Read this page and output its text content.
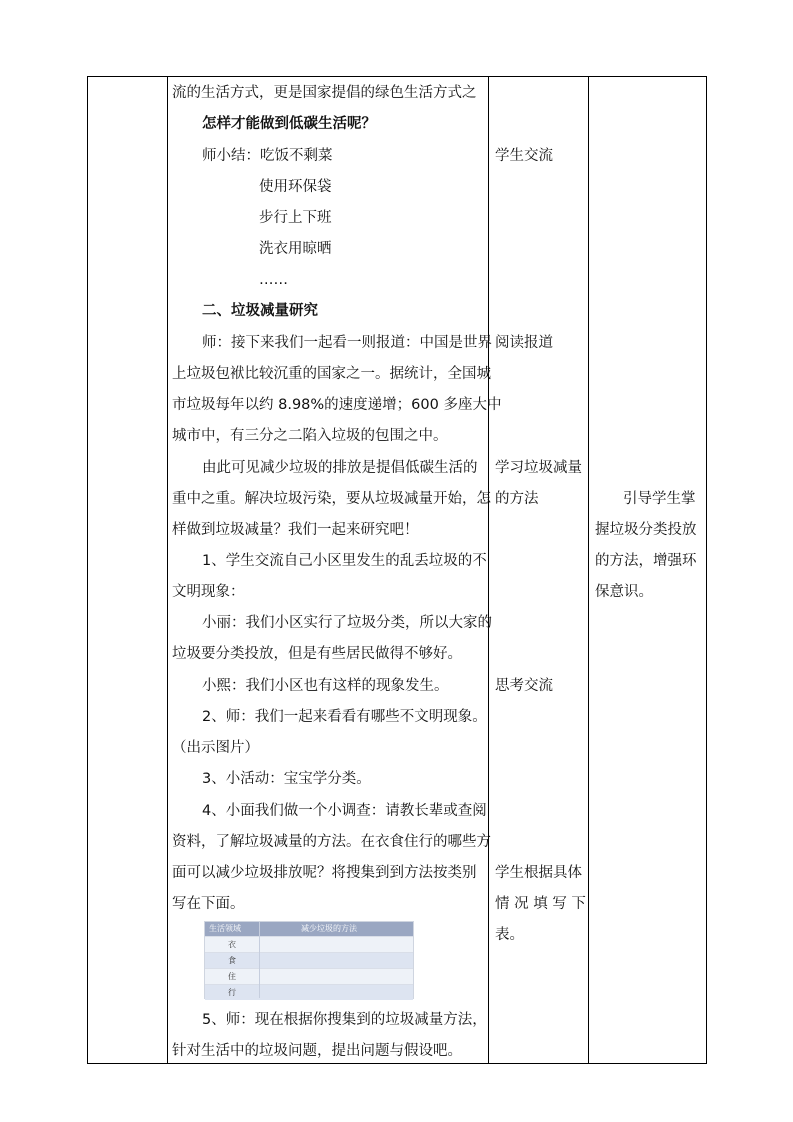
流的生活方式，更是国家提倡的绿色生活方式之
怎样才能做到低碳生活呢？
师小结：吃饭不剩菜
使用环保袋
步行上下班
洗衣用晾晒
……
二、垃圾减量研究
师：接下来我们一起看一则报道：中国是世界
上垃圾包袱比较沉重的国家之一。据统计，全国城
市垃圾每年以约 8.98%的速度递增；600 多座大中
城市中，有三分之二陷入垃圾的包围之中。
由此可见减少垃圾的排放是提倡低碳生活的
重中之重。解决垃圾污染，要从垃圾减量开始，怎
样做到垃圾减量？我们一起来研究吧！
1、学生交流自己小区里发生的乱丢垃圾的不
文明现象：
小丽：我们小区实行了垃圾分类，所以大家的
垃圾要分类投放，但是有些居民做得不够好。
小熙：我们小区也有这样的现象发生。
2、师：我们一起来看看有哪些不文明现象。
（出示图片）
3、小活动：宝宝学分类。
4、小面我们做一个小调查：请教长辈或查阅
资料，了解垃圾减量的方法。在衣食住行的哪些方
面可以减少垃圾排放呢？将搜集到到方法按类别
写在下面。
5、师：现在根据你搜集到的垃圾减量方法，
针对生活中的垃圾问题，提出问题与假设吧。
学生交流
阅读报道
学习垃圾减量
的方法
思考交流
学生根据具体
情 况 填 写 下
表。
引导学生掌
握垃圾分类投放
的方法，增强环
保意识。
生活领域	减少垃圾的方法
衣
食
住
行
